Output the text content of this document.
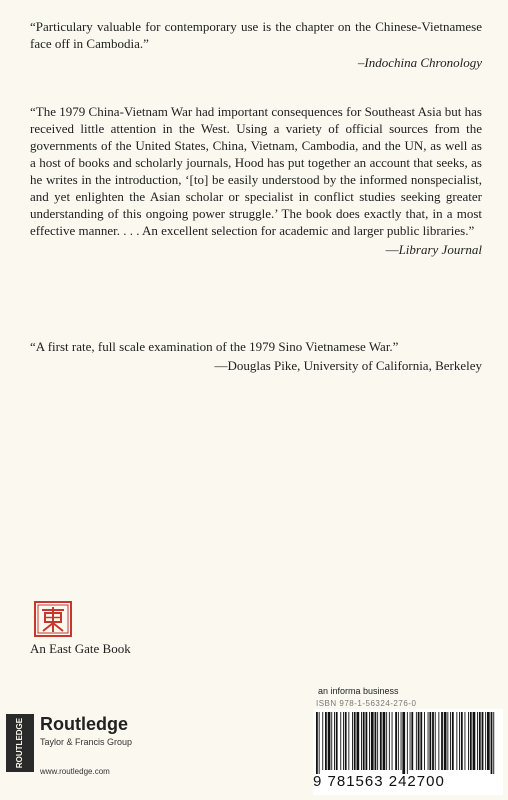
“Particulary valuable for contemporary use is the chapter on the Chinese-Vietnamese face off in Cambodia.”
–Indochina Chronology
“The 1979 China-Vietnam War had important consequences for Southeast Asia but has received little attention in the West. Using a variety of official sources from the governments of the United States, China, Vietnam, Cambodia, and the UN, as well as a host of books and scholarly journals, Hood has put together an account that seeks, as he writes in the introduction, ‘[to] be easily understood by the informed nonspecialist, and yet enlighten the Asian scholar or specialist in conflict studies seeking greater understanding of this ongoing power struggle.’ The book does exactly that, in a most effective manner. . . . An excellent selection for academic and larger public libraries.”
—Library Journal
“A first rate, full scale examination of the 1979 Sino Vietnamese War.”
—Douglas Pike, University of California, Berkeley
An East Gate Book
an informa business
ROUTLEDGE Routledge
Taylor & Francis Group
www.routledge.com
ISBN 978-1-56324-276-0
9 781563 242700
